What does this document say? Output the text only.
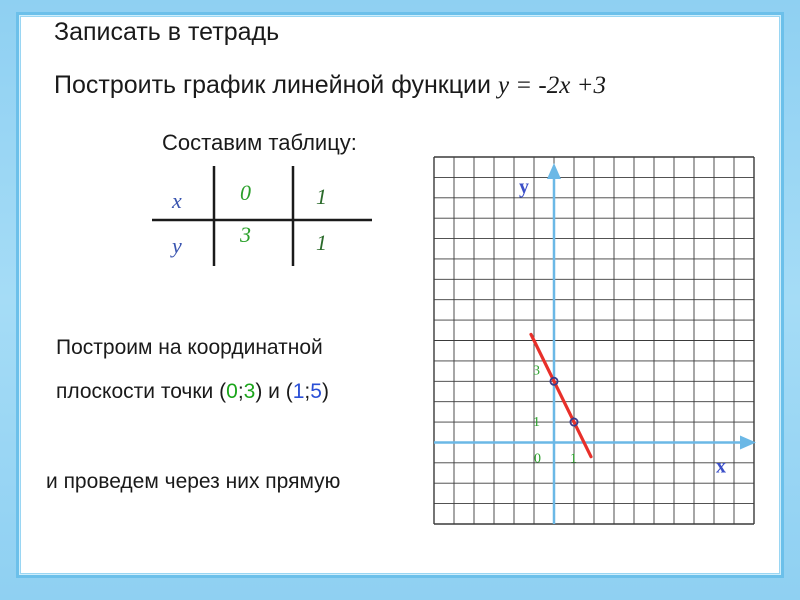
Записать в тетрадь
Построить график линейной функции y = -2x +3
Составим таблицу:
x
y
0
3
1
1
Построим на координатной
плоскости точки (0;3) и (1;5)
и проведем через них прямую
y
x
3
1
0 1
